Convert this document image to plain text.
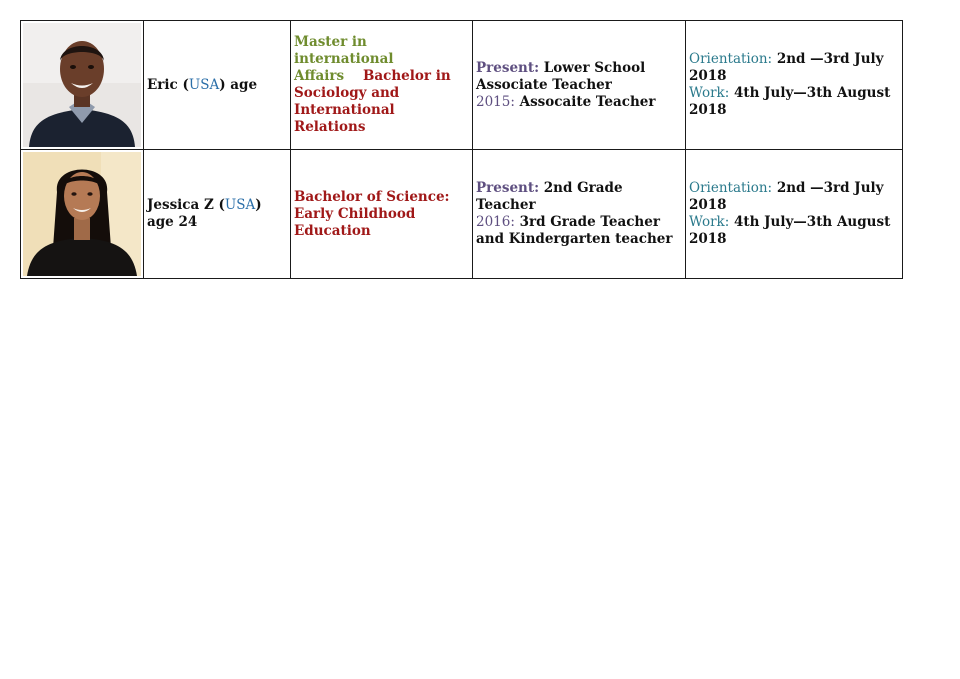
	Eric (USA) age	Master in international Affairs Bachelor in Sociology and International Relations	Present: Lower School Associate Teacher
2015: Assocaite Teacher	Orientation: 2nd —3rd July 2018
Work: 4th July—3th August 2018

	Jessica Z (USA) age 24	Bachelor of Science: Early Childhood Education	Present: 2nd Grade Teacher
2016: 3rd Grade Teacher and Kindergarten teacher	Orientation: 2nd —3rd July 2018
Work: 4th July—3th August 2018
